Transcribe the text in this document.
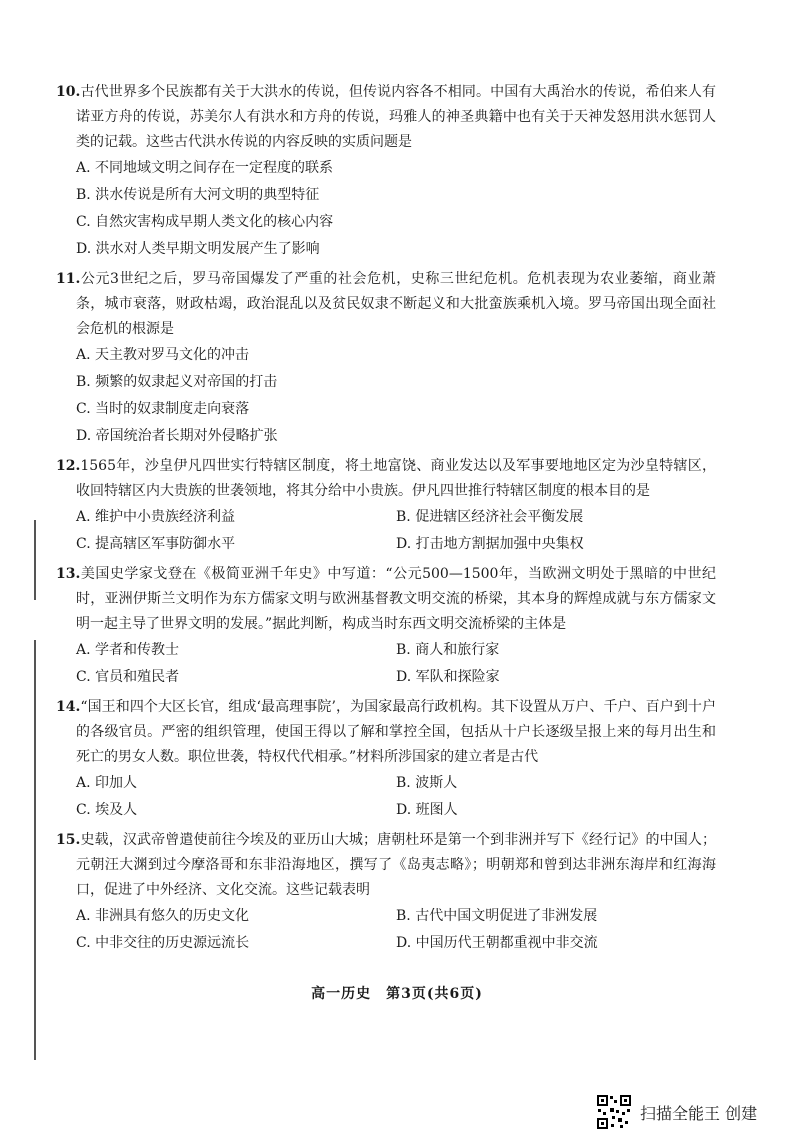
10.古代世界多个民族都有关于大洪水的传说，但传说内容各不相同。中国有大禹治水的传说，希伯来人有诺亚方舟的传说，苏美尔人有洪水和方舟的传说，玛雅人的神圣典籍中也有关于天神发怒用洪水惩罚人类的记载。这些古代洪水传说的内容反映的实质问题是
A. 不同地域文明之间存在一定程度的联系
B. 洪水传说是所有大河文明的典型特征
C. 自然灾害构成早期人类文化的核心内容
D. 洪水对人类早期文明发展产生了影响
11.公元3世纪之后，罗马帝国爆发了严重的社会危机，史称三世纪危机。危机表现为农业萎缩，商业萧条，城市衰落，财政枯竭，政治混乱以及贫民奴隶不断起义和大批蛮族乘机入境。罗马帝国出现全面社会危机的根源是
A. 天主教对罗马文化的冲击
B. 频繁的奴隶起义对帝国的打击
C. 当时的奴隶制度走向衰落
D. 帝国统治者长期对外侵略扩张
12.1565年，沙皇伊凡四世实行特辖区制度，将土地富饶、商业发达以及军事要地地区定为沙皇特辖区，收回特辖区内大贵族的世袭领地，将其分给中小贵族。伊凡四世推行特辖区制度的根本目的是
A. 维护中小贵族经济利益	B. 促进辖区经济社会平衡发展
C. 提高辖区军事防御水平	D. 打击地方割据加强中央集权
13.美国史学家戈登在《极简亚洲千年史》中写道：“公元500—1500年，当欧洲文明处于黑暗的中世纪时，亚洲伊斯兰文明作为东方儒家文明与欧洲基督教文明交流的桥梁，其本身的辉煌成就与东方儒家文明一起主导了世界文明的发展。”据此判断，构成当时东西文明交流桥梁的主体是
A. 学者和传教士	B. 商人和旅行家
C. 官员和殖民者	D. 军队和探险家
14.“国王和四个大区长官，组成‘最高理事院’，为国家最高行政机构。其下设置从万户、千户、百户到十户的各级官员。严密的组织管理，使国王得以了解和掌控全国，包括从十户长逐级呈报上来的每月出生和死亡的男女人数。职位世袭，特权代代相承。”材料所涉国家的建立者是古代
A. 印加人	B. 波斯人
C. 埃及人	D. 班图人
15.史载，汉武帝曾遣使前往今埃及的亚历山大城；唐朝杜环是第一个到非洲并写下《经行记》的中国人；元朝汪大渊到过今摩洛哥和东非沿海地区，撰写了《岛夷志略》；明朝郑和曾到达非洲东海岸和红海海口，促进了中外经济、文化交流。这些记载表明
A. 非洲具有悠久的历史文化	B. 古代中国文明促进了非洲发展
C. 中非交往的历史源远流长	D. 中国历代王朝都重视中非交流
高一历史　第3页(共6页)
扫描全能王 创建
